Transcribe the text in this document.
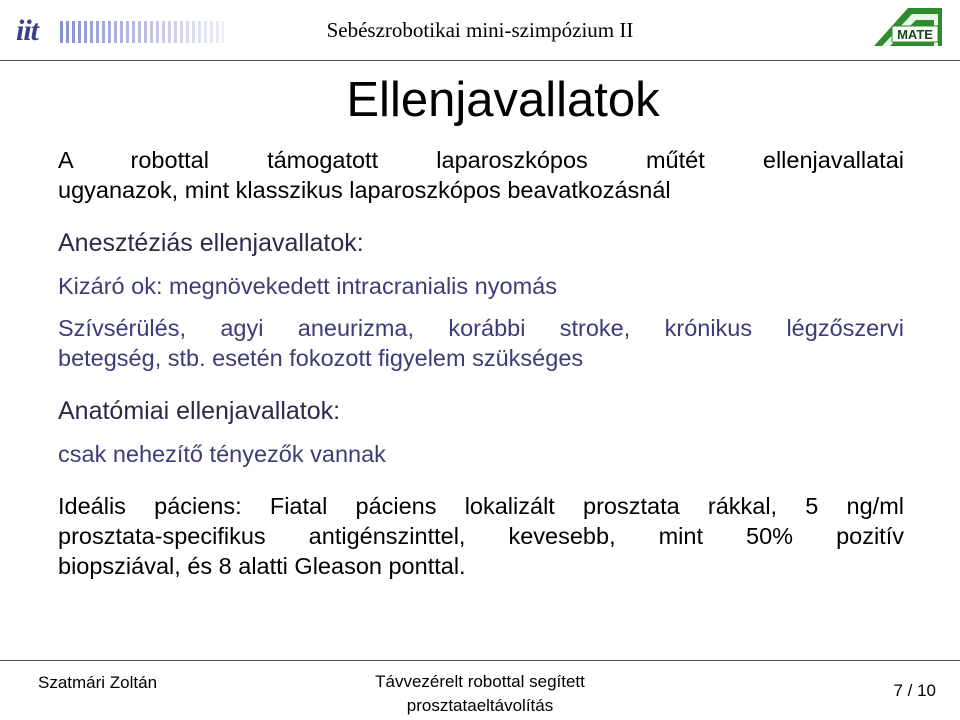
iit	Sebészrobotikai mini-szimpózium II	MATE
Ellenjavallatok

A robottal támogatott laparoszkópos műtét ellenjavallatai

ugyanazok, mint klasszikus laparoszkópos beavatkozásnál

Anesztéziás ellenjavallatok:

Kizáró ok: megnövekedett intracranialis nyomás

Szívsérülés, agyi aneurizma, korábbi stroke, krónikus légzőszervi

betegség, stb. esetén fokozott figyelem szükséges

Anatómiai ellenjavallatok:

csak nehezítő tényezők vannak

Ideális páciens: Fiatal páciens lokalizált prosztata rákkal, 5 ng/ml

prosztata-specifikus antigénszinttel, kevesebb, mint 50% pozitív

biopsziával, és 8 alatti Gleason ponttal.

Szatmári Zoltán	Távvezérelt robottal segített
prosztataeltávolítás
7 / 10
